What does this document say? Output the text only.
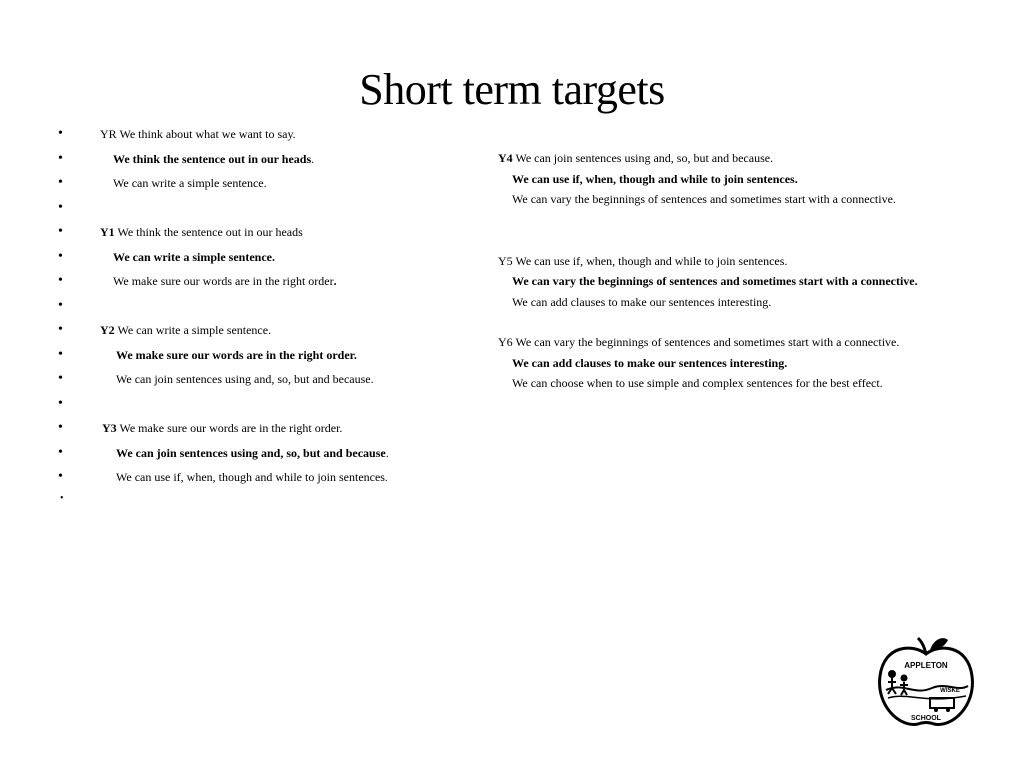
Short term targets
•	YR We think about what we want to say.
•	We think the sentence out in our heads.
•	We can write a simple sentence.
•
•	Y1 We think the sentence out in our heads
•	We can write a simple sentence.
•	We make sure our words are in the right order.
•
•	Y2 We can write a simple sentence.
•	We make sure our words are in the right order.
•	We can join sentences using and, so, but and because.
•
•	Y3 We make sure our words are in the right order.
•	We can join sentences using and, so, but and because.
•	We can use if, when, though and while to join sentences.
•
Y4 We can join sentences using and, so, but and because.
We can use if, when, though and while to join sentences.
We can vary the beginnings of sentences and sometimes start with a connective.
Y5 We can use if, when, though and while to join sentences.
We can vary the beginnings of sentences and sometimes start with a connective.
We can add clauses to make our sentences interesting.
Y6 We can vary the beginnings of sentences and sometimes start with a connective.
We can add clauses to make our sentences interesting.
We can choose when to use simple and complex sentences for the best effect.
APPLETON
WISKE
SCHOOL
